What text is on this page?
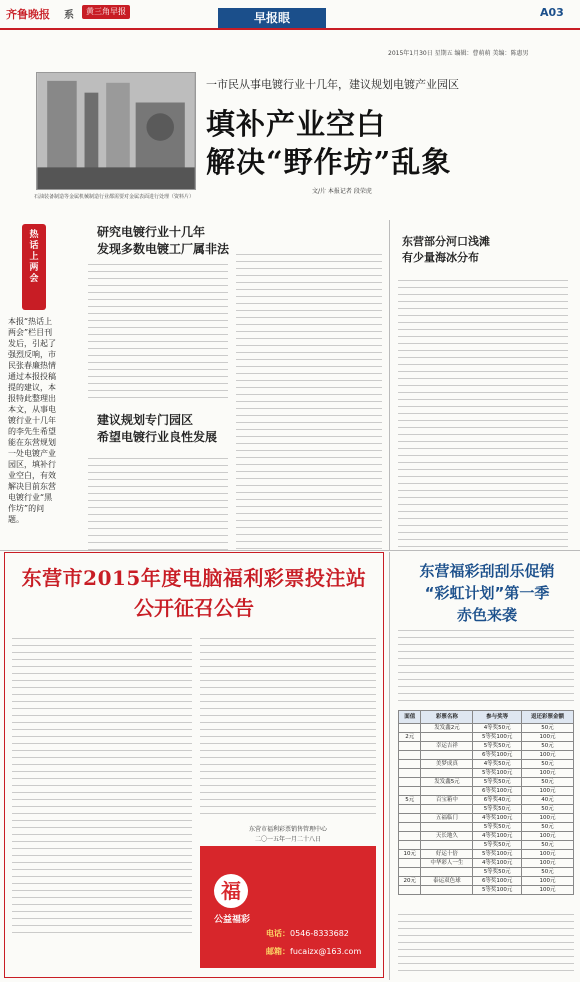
齐鲁晚报 系	黄三角早报	早报眼	A03
2015年1月30日 星期五 编辑：曹萌萌 美编：陈惠男
石油装备制造等金属机械制造行业都需要对金属表面进行处理（资料片）
一市民从事电镀行业十几年，建议规划电镀产业园区
填补产业空白
解决“野作坊”乱象
文/片 本报记者 段荣虎
热话上两会
本报“热话上两会”栏目刊发后，引起了强烈反响，市民张春廉热情通过本报投稿提的建议，本报特此整理出本文，从事电镀行业十几年的李先生希望能在东营规划一处电镀产业园区，填补行业空白，有效解决目前东营电镀行业“黑作坊”的问题。
研究电镀行业十几年
发现多数电镀工厂属非法
建议规划专门园区
希望电镀行业良性发展
东营部分河口浅滩
有少量海冰分布
东营市2015年度电脑福利彩票投注站
公开征召公告
东营市福利彩票销售管理中心
二〇一五年一月二十八日
福
公益福彩
电话：0546-8333682
邮箱：fucaizx@163.com
东营福彩刮刮乐促销
“彩虹计划”第一季
赤色来袭
面值	彩票名称	参与奖等	返还彩票金额
	发发鑫2元	4等奖50元	50元
2元		5等奖100元	100元
	幸运吉祥	5等奖50元	50元
		6等奖100元	100元
	美梦成真	4等奖50元	50元
		5等奖100元	100元
	发发鑫5元	5等奖50元	50元
		6等奖100元	100元
5元	百宝箱中	6等奖40元	40元
		5等奖50元	50元
	五福临门	4等奖100元	100元
		5等奖50元	50元
	天长地久	4等奖100元	100元
		5等奖50元	50元
10元	好运十倍	5等奖100元	100元
	中华彩人一生	4等奖100元	100元
		5等奖50元	50元
20元	泰运双色球	6等奖100元	100元
		5等奖100元	100元
